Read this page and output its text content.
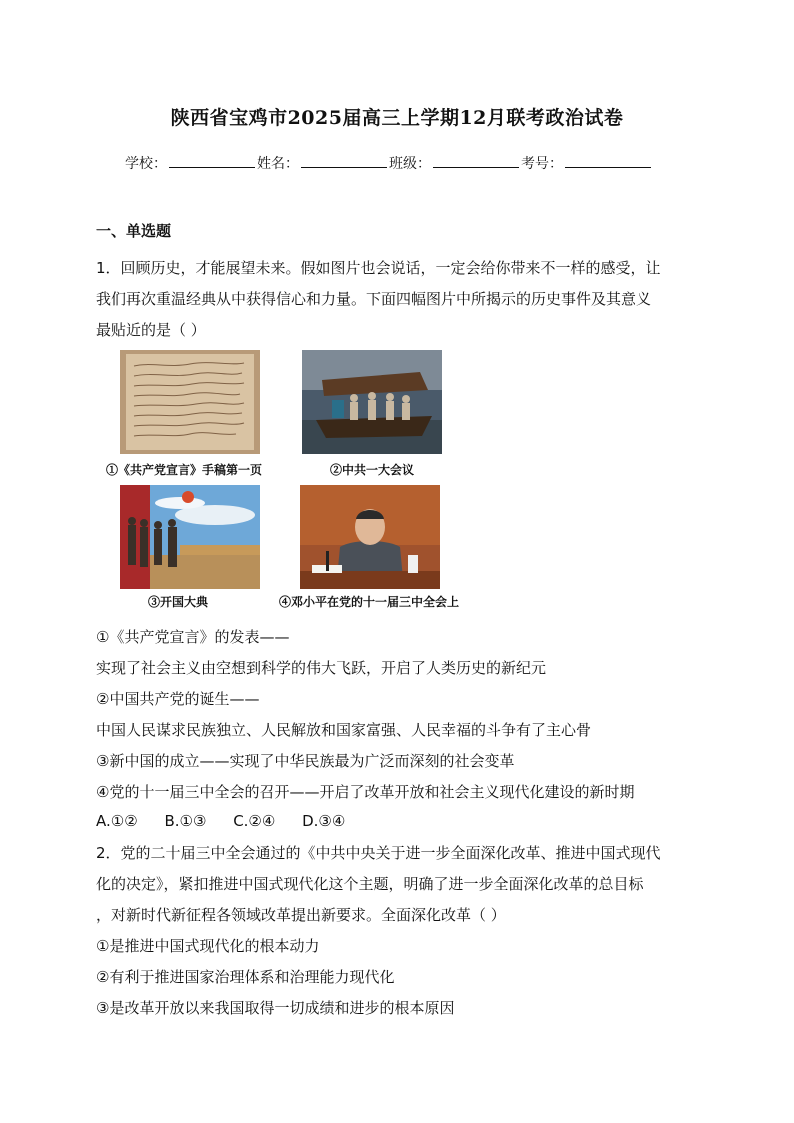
陕西省宝鸡市2025届高三上学期12月联考政治试卷
学校：	姓名：	班级：	考号：
一、单选题
1．回顾历史，才能展望未来。假如图片也会说话，一定会给你带来不一样的感受，让
我们再次重温经典从中获得信心和力量。下面四幅图片中所揭示的历史事件及其意义
最贴近的是（ ）
①《共产党宣言》手稿第一页	②中共一大会议
③开国大典	④邓小平在党的十一届三中全会上
①《共产党宣言》的发表——
实现了社会主义由空想到科学的伟大飞跃，开启了人类历史的新纪元
②中国共产党的诞生——
中国人民谋求民族独立、人民解放和国家富强、人民幸福的斗争有了主心骨
③新中国的成立——实现了中华民族最为广泛而深刻的社会变革
④党的十一届三中全会的召开——开启了改革开放和社会主义现代化建设的新时期
A.①② B.①③ C.②④ D.③④
2．党的二十届三中全会通过的《中共中央关于进一步全面深化改革、推进中国式现代
化的决定》，紧扣推进中国式现代化这个主题，明确了进一步全面深化改革的总目标
，对新时代新征程各领域改革提出新要求。全面深化改革（ ）
①是推进中国式现代化的根本动力
②有利于推进国家治理体系和治理能力现代化
③是改革开放以来我国取得一切成绩和进步的根本原因
